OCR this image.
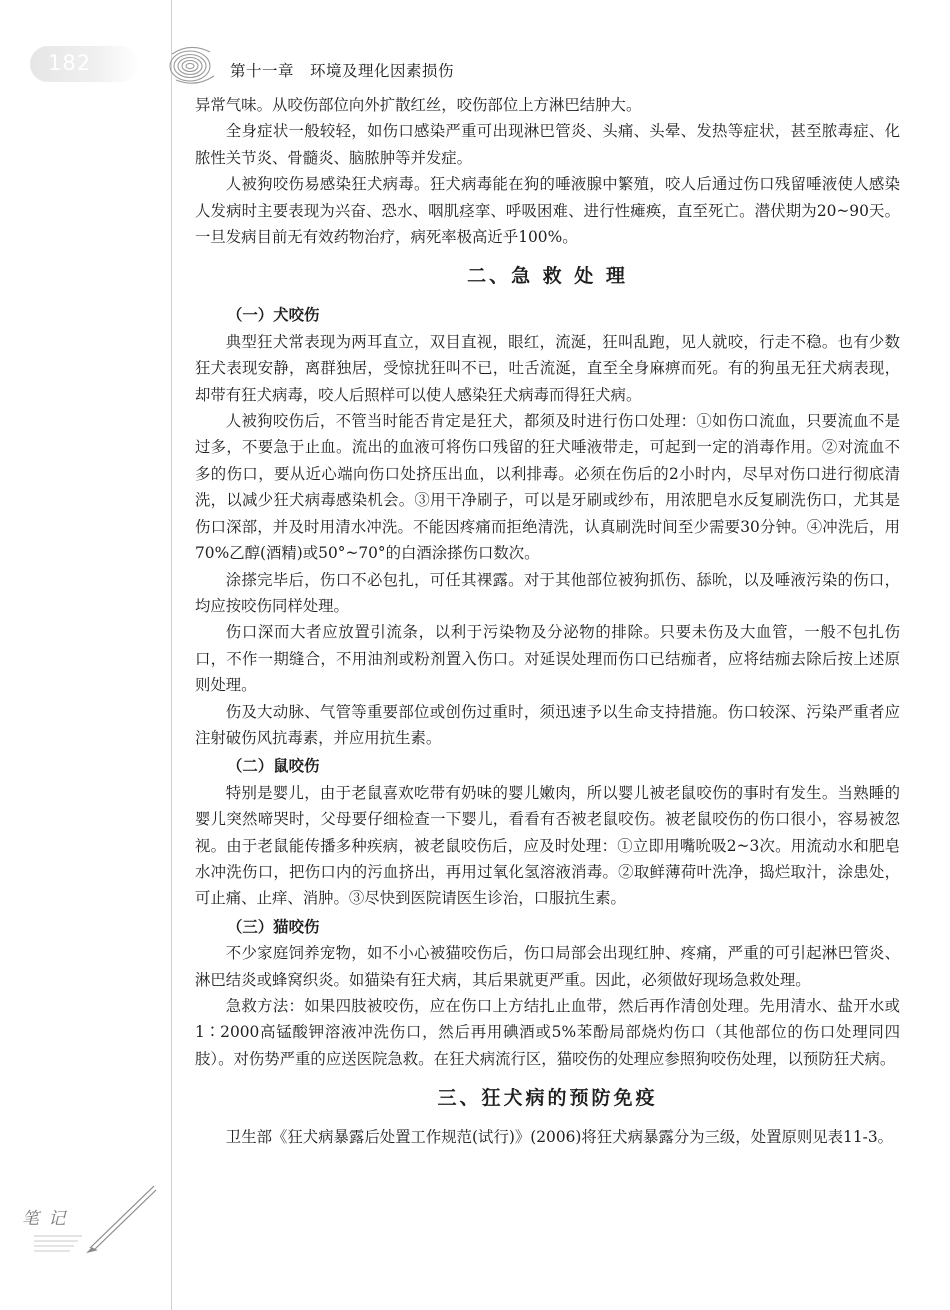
182	第十一章　环境及理化因素损伤

异常气味。从咬伤部位向外扩散红丝，咬伤部位上方淋巴结肿大。

全身症状一般较轻，如伤口感染严重可出现淋巴管炎、头痛、头晕、发热等症状，甚至脓毒症、化脓性关节炎、骨髓炎、脑脓肿等并发症。

人被狗咬伤易感染狂犬病毒。狂犬病毒能在狗的唾液腺中繁殖，咬人后通过伤口残留唾液使人感染 人发病时主要表现为兴奋、恐水、咽肌痉挛、呼吸困难、进行性瘫痪，直至死亡。潜伏期为20~90天。一旦发病目前无有效药物治疗，病死率极高近乎100%。

二、急 救 处 理
（一）犬咬伤

典型狂犬常表现为两耳直立，双目直视，眼红，流涎，狂叫乱跑，见人就咬，行走不稳。也有少数狂犬表现安静，离群独居，受惊扰狂叫不已，吐舌流涎，直至全身麻痹而死。有的狗虽无狂犬病表现，却带有狂犬病毒，咬人后照样可以使人感染狂犬病毒而得狂犬病。

人被狗咬伤后，不管当时能否肯定是狂犬，都须及时进行伤口处理：①如伤口流血，只要流血不是过多，不要急于止血。流出的血液可将伤口残留的狂犬唾液带走，可起到一定的消毒作用。②对流血不多的伤口，要从近心端向伤口处挤压出血，以利排毒。必须在伤后的2小时内，尽早对伤口进行彻底清洗，以减少狂犬病毒感染机会。③用干净刷子，可以是牙刷或纱布，用浓肥皂水反复刷洗伤口，尤其是伤口深部，并及时用清水冲洗。不能因疼痛而拒绝清洗，认真刷洗时间至少需要30分钟。④冲洗后，用70%乙醇(酒精)或50°~70°的白酒涂搽伤口数次。

涂搽完毕后，伤口不必包扎，可任其裸露。对于其他部位被狗抓伤、舔吮，以及唾液污染的伤口，均应按咬伤同样处理。

伤口深而大者应放置引流条，以利于污染物及分泌物的排除。只要未伤及大血管，一般不包扎伤口，不作一期缝合，不用油剂或粉剂置入伤口。对延误处理而伤口已结痂者，应将结痂去除后按上述原则处理。

伤及大动脉、气管等重要部位或创伤过重时，须迅速予以生命支持措施。伤口较深、污染严重者应注射破伤风抗毒素，并应用抗生素。

（二）鼠咬伤

特别是婴儿，由于老鼠喜欢吃带有奶味的婴儿嫩肉，所以婴儿被老鼠咬伤的事时有发生。当熟睡的婴儿突然啼哭时，父母要仔细检查一下婴儿，看看有否被老鼠咬伤。被老鼠咬伤的伤口很小，容易被忽视。由于老鼠能传播多种疾病，被老鼠咬伤后，应及时处理：①立即用嘴吮吸2~3次。用流动水和肥皂水冲洗伤口，把伤口内的污血挤出，再用过氧化氢溶液消毒。②取鲜薄荷叶洗净，捣烂取汁，涂患处，可止痛、止痒、消肿。③尽快到医院请医生诊治，口服抗生素。

（三）猫咬伤

不少家庭饲养宠物，如不小心被猫咬伤后，伤口局部会出现红肿、疼痛，严重的可引起淋巴管炎、淋巴结炎或蜂窝织炎。如猫染有狂犬病，其后果就更严重。因此，必须做好现场急救处理。

急救方法：如果四肢被咬伤，应在伤口上方结扎止血带，然后再作清创处理。先用清水、盐开水或1∶2000高锰酸钾溶液冲洗伤口，然后再用碘酒或5%苯酚局部烧灼伤口（其他部位的伤口处理同四肢）。对伤势严重的应送医院急救。在狂犬病流行区，猫咬伤的处理应参照狗咬伤处理，以预防狂犬病。

三、狂犬病的预防免疫

卫生部《狂犬病暴露后处置工作规范(试行)》(2006)将狂犬病暴露分为三级，处置原则见表11-3。

笔 记
